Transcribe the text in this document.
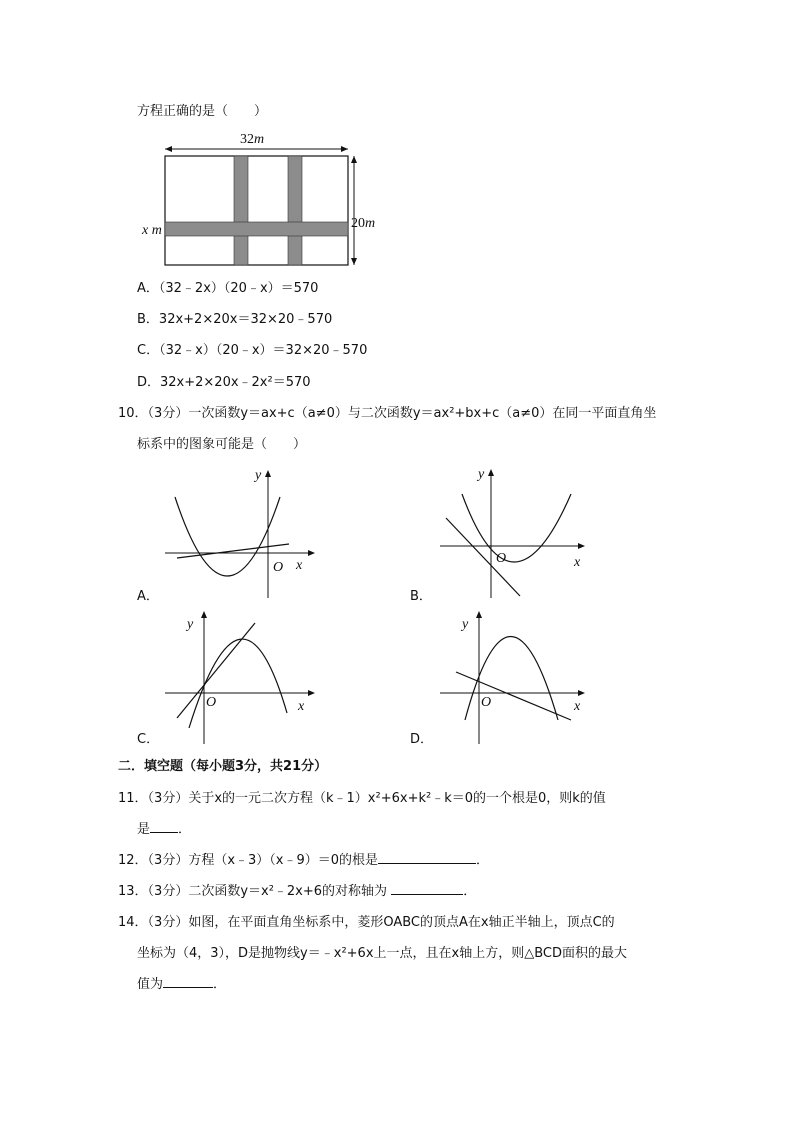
方程正确的是（　　）
32m
20m
x m
A．（32﹣2x）（20﹣x）＝570
B．32x+2×20x＝32×20﹣570
C．（32﹣x）（20﹣x）＝32×20﹣570
D．32x+2×20x﹣2x²＝570
10．（3分）一次函数y＝ax+c（a≠0）与二次函数y＝ax²+bx+c（a≠0）在同一平面直角坐
标系中的图象可能是（　　）
y
x
O
A．
y
x
O
B．
y
x
O
C．
y
x
O
D．
二．填空题（每小题3分，共21分）
11．（3分）关于x的一元二次方程（k﹣1）x²+6x+k²﹣k＝0的一个根是0，则k的值
是 ．
12．（3分）方程（x﹣3）（x﹣9）＝0的根是	．
13．（3分）二次函数y＝x²﹣2x+6的对称轴为	．
14．（3分）如图，在平面直角坐标系中，菱形OABC的顶点A在x轴正半轴上，顶点C的
坐标为（4，3），D是抛物线y＝﹣x²+6x上一点，且在x轴上方，则△BCD面积的最大
值为	．
